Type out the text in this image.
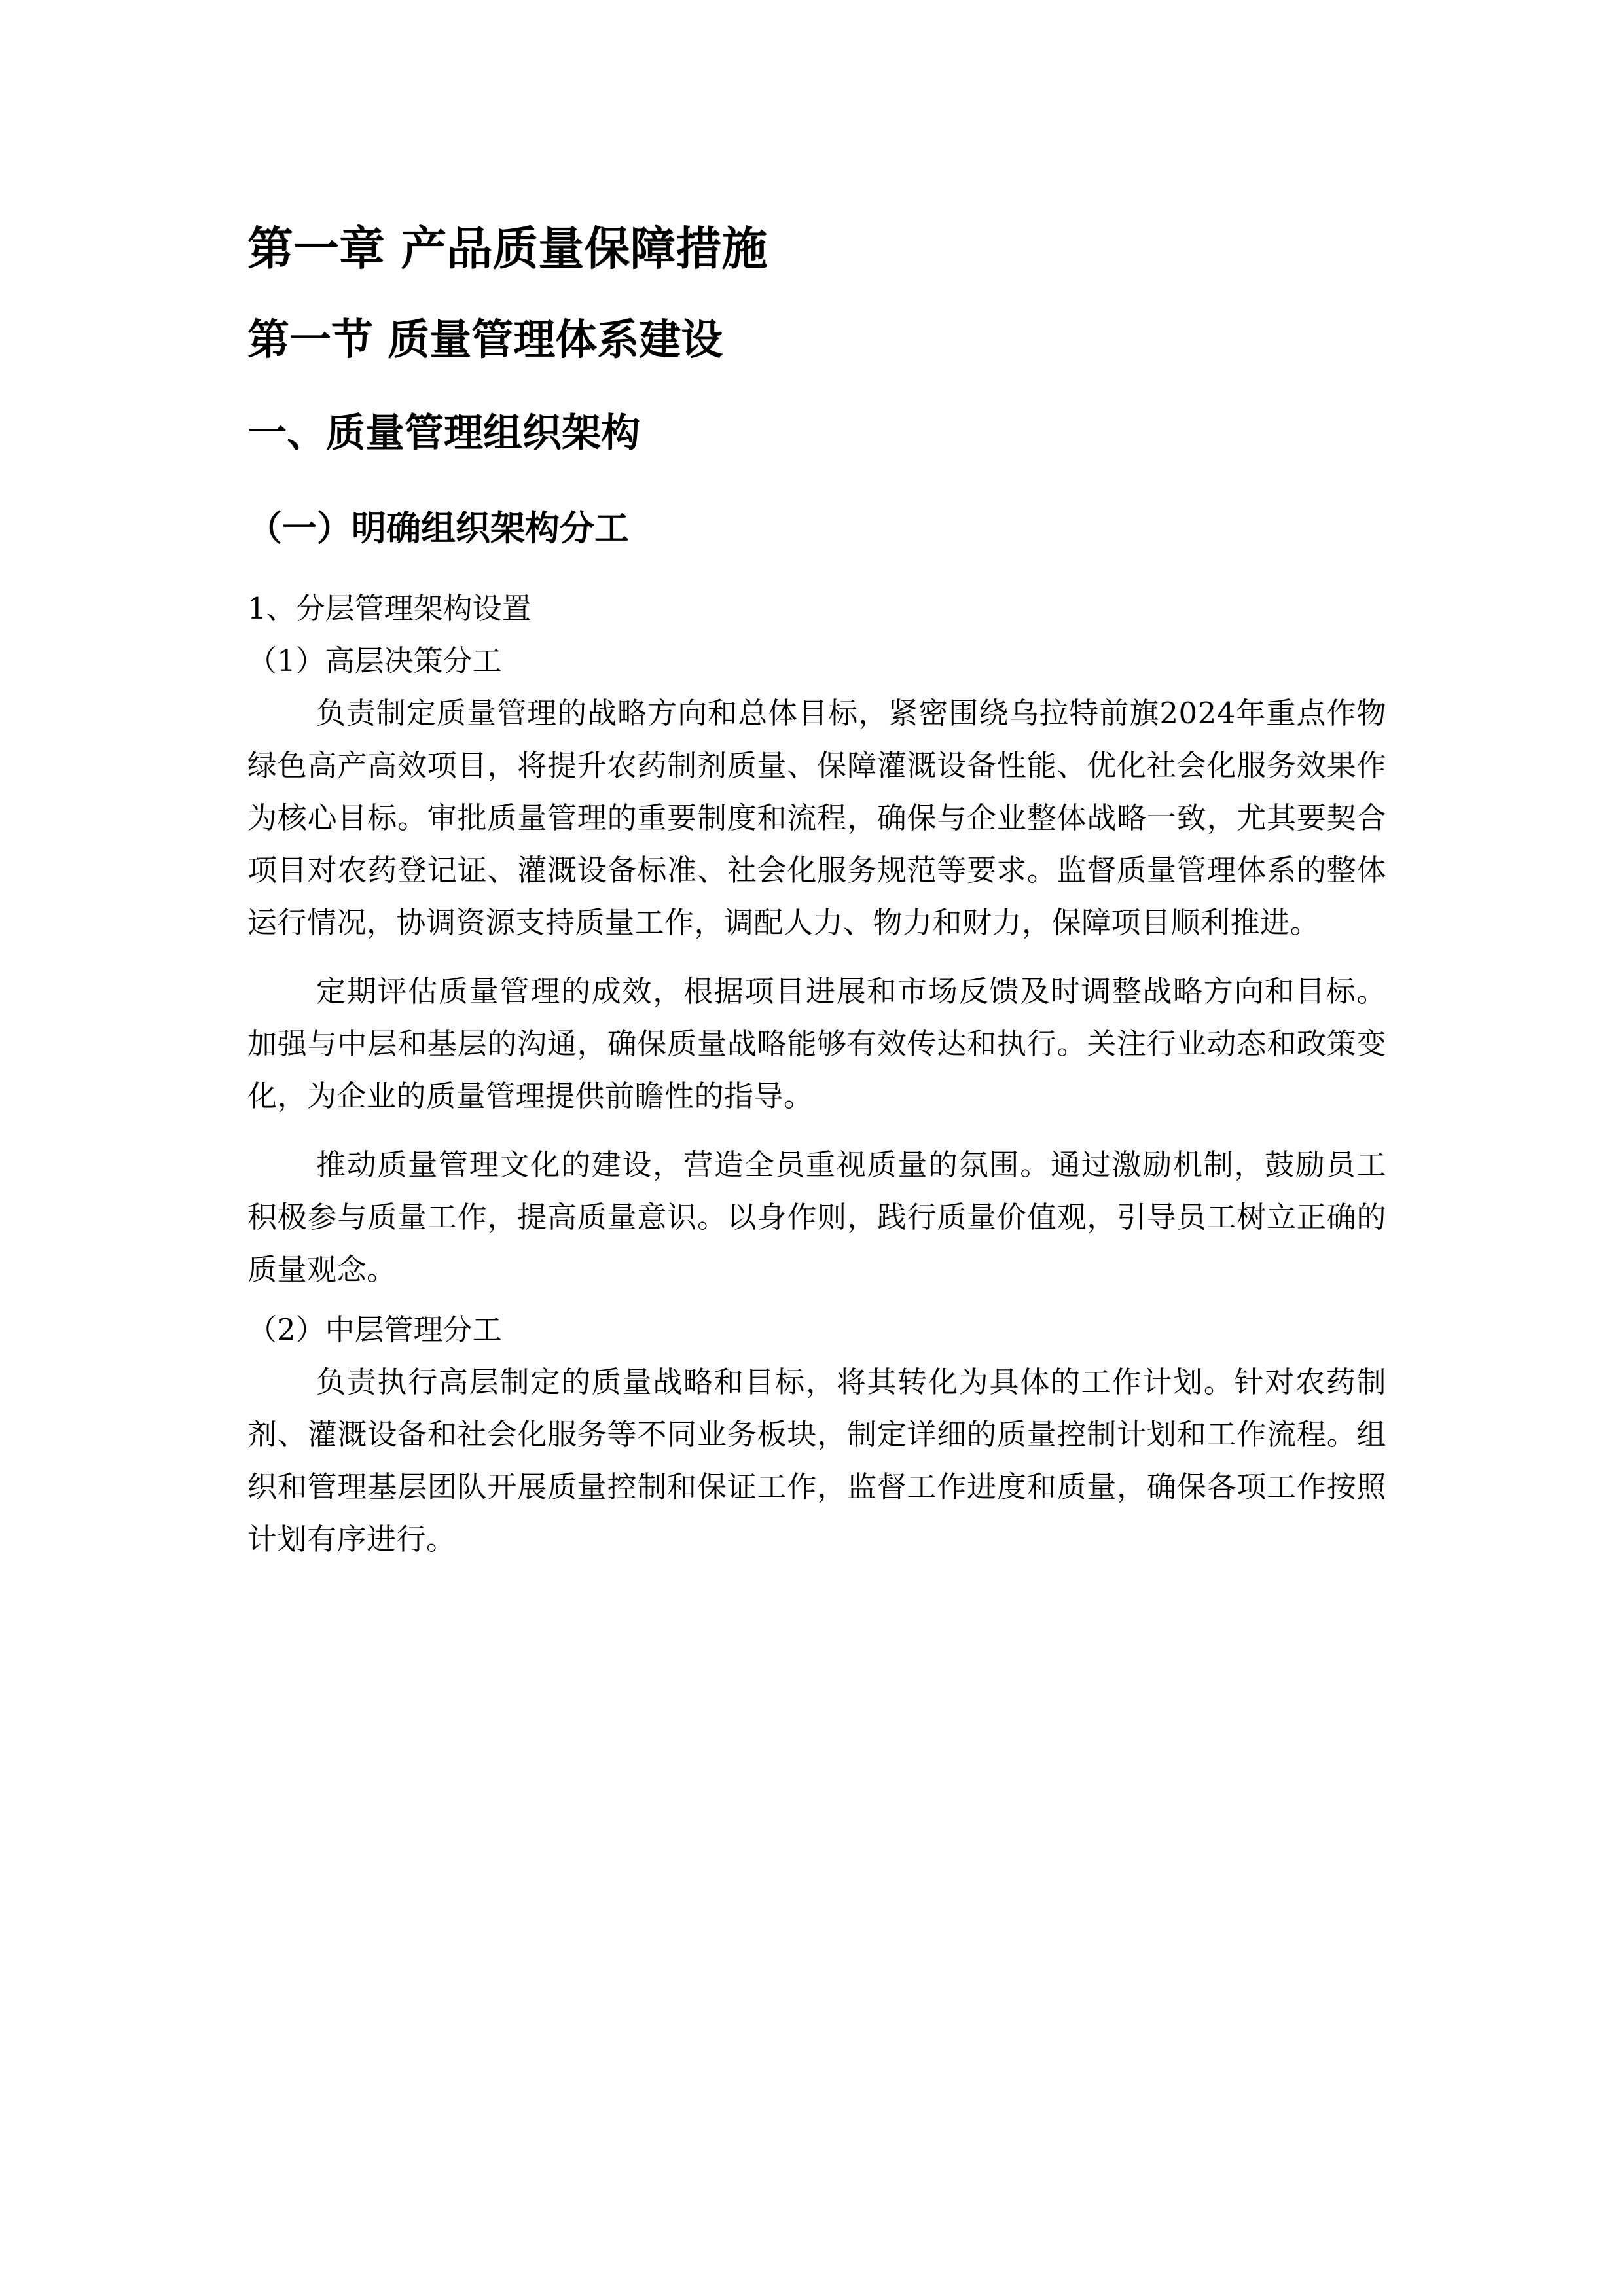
第一章 产品质量保障措施
第一节 质量管理体系建设
一、质量管理组织架构
（一）明确组织架构分工

1、分层管理架构设置

（1）高层决策分工

负责制定质量管理的战略方向和总体目标，紧密围绕乌拉特前旗2024年重点作物绿色高产高效项目，将提升农药制剂质量、保障灌溉设备性能、优化社会化服务效果作为核心目标。审批质量管理的重要制度和流程，确保与企业整体战略一致，尤其要契合项目对农药登记证、灌溉设备标准、社会化服务规范等要求。监督质量管理体系的整体运行情况，协调资源支持质量工作，调配人力、物力和财力，保障项目顺利推进。

定期评估质量管理的成效，根据项目进展和市场反馈及时调整战略方向和目标。加强与中层和基层的沟通，确保质量战略能够有效传达和执行。关注行业动态和政策变化，为企业的质量管理提供前瞻性的指导。

推动质量管理文化的建设，营造全员重视质量的氛围。通过激励机制，鼓励员工积极参与质量工作，提高质量意识。以身作则，践行质量价值观，引导员工树立正确的质量观念。

（2）中层管理分工

负责执行高层制定的质量战略和目标，将其转化为具体的工作计划。针对农药制剂、灌溉设备和社会化服务等不同业务板块，制定详细的质量控制计划和工作流程。组织和管理基层团队开展质量控制和保证工作，监督工作进度和质量，确保各项工作按照计划有序进行。
